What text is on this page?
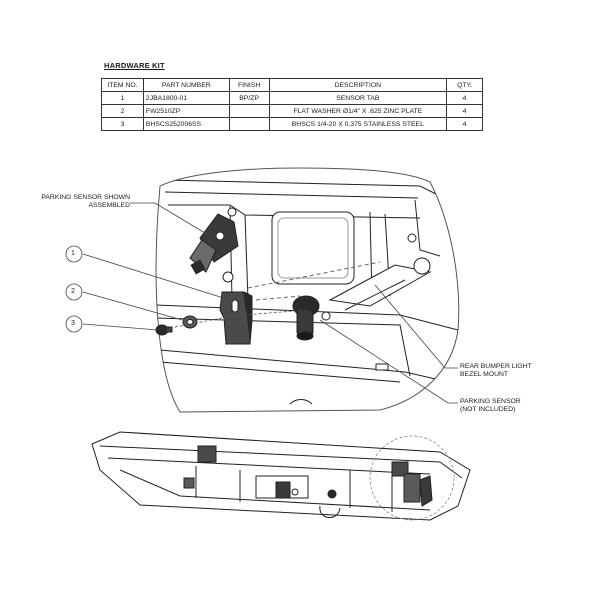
HARDWARE KIT
ITEM NO.	PART NUMBER	FINISH	DESCRIPTION	QTY.
1	2JBA1800-01	BP/ZP	SENSOR TAB	4
2	FW2510ZP		FLAT WASHER Ø1/4" X .625 ZINC PLATE	4
3	BHSCS252006SS		BHSCS 1/4-20 X 0.375 STAINLESS STEEL	4
1
2
3
PARKING SENSOR SHOWN
ASSEMBLED
REAR BUMPER LIGHT
BEZEL MOUNT
PARKING SENSOR
(NOT INCLUDED)
